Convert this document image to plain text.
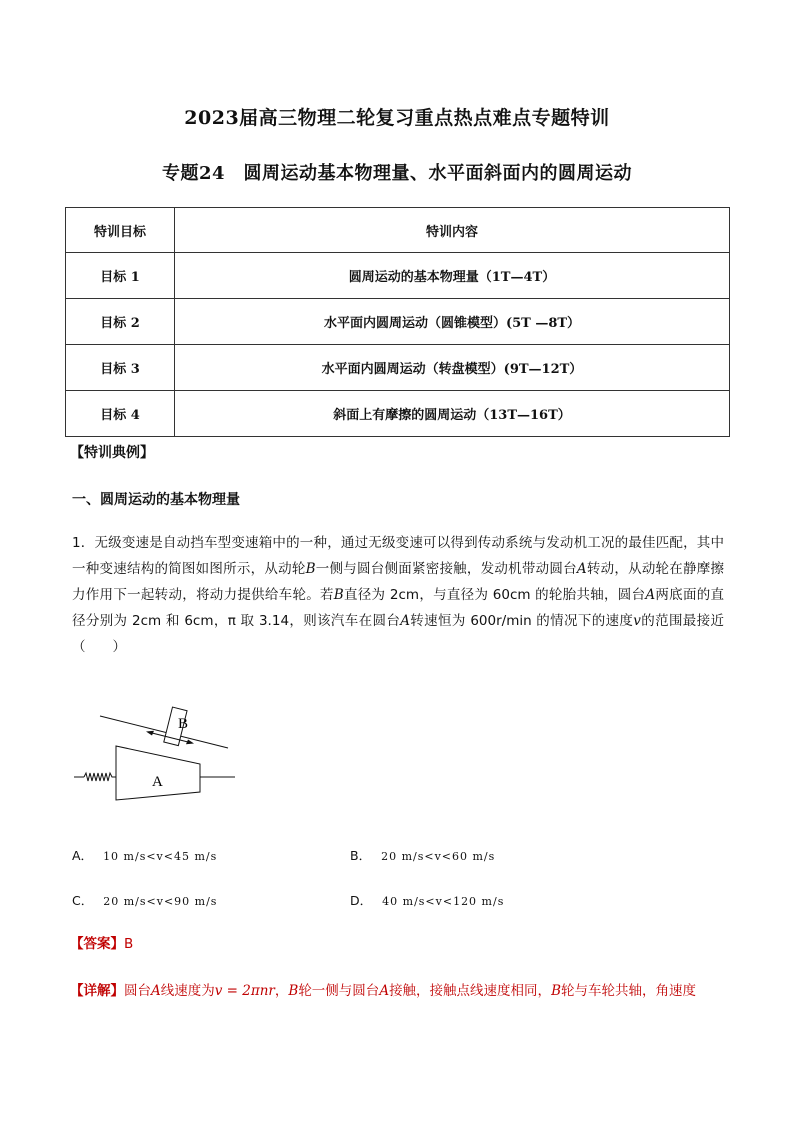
2023届高三物理二轮复习重点热点难点专题特训
专题24　圆周运动基本物理量、水平面斜面内的圆周运动
特训目标	特训内容
目标 1	圆周运动的基本物理量（1T—4T）
目标 2	水平面内圆周运动（圆锥模型）(5T —8T）
目标 3	水平面内圆周运动（转盘模型）(9T—12T）
目标 4	斜面上有摩擦的圆周运动（13T—16T）
【特训典例】
一、圆周运动的基本物理量
1．无级变速是自动挡车型变速箱中的一种，通过无级变速可以得到传动系统与发动机工况的最佳匹配，其中一种变速结构的简图如图所示，从动轮B一侧与圆台侧面紧密接触，发动机带动圆台A转动，从动轮在静摩擦力作用下一起转动，将动力提供给车轮。若B直径为 2cm，与直径为 60cm 的轮胎共轴，圆台A两底面的直径分别为 2cm 和 6cm，π 取 3.14，则该汽车在圆台A转速恒为 600r/min 的情况下的速度v的范围最接近（　　）
B
A
A． 10 m/s<v<45 m/s	B． 20 m/s<v<60 m/s
C． 20 m/s<v<90 m/s	D． 40 m/s<v<120 m/s
【答案】B
【详解】圆台A线速度为v = 2πnr，B轮一侧与圆台A接触，接触点线速度相同，B轮与车轮共轴，角速度
